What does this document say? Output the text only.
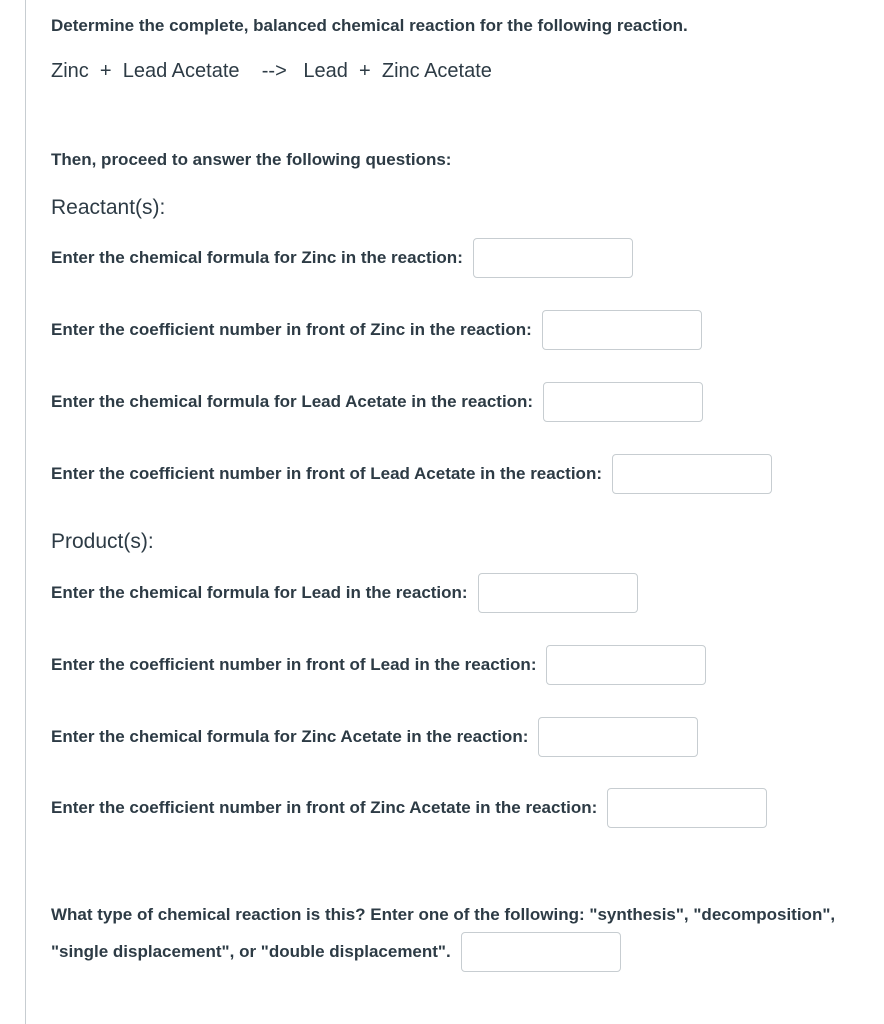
Determine the complete, balanced chemical reaction for the following reaction.
Zinc + Lead Acetate --> Lead + Zinc Acetate
Then, proceed to answer the following questions:
Reactant(s):
Enter the chemical formula for Zinc in the reaction:
Enter the coefficient number in front of Zinc in the reaction:
Enter the chemical formula for Lead Acetate in the reaction:
Enter the coefficient number in front of Lead Acetate in the reaction:
Product(s):
Enter the chemical formula for Lead in the reaction:
Enter the coefficient number in front of Lead in the reaction:
Enter the chemical formula for Zinc Acetate in the reaction:
Enter the coefficient number in front of Zinc Acetate in the reaction:
What type of chemical reaction is this? Enter one of the following: "synthesis", "decomposition",
"single displacement", or "double displacement".
